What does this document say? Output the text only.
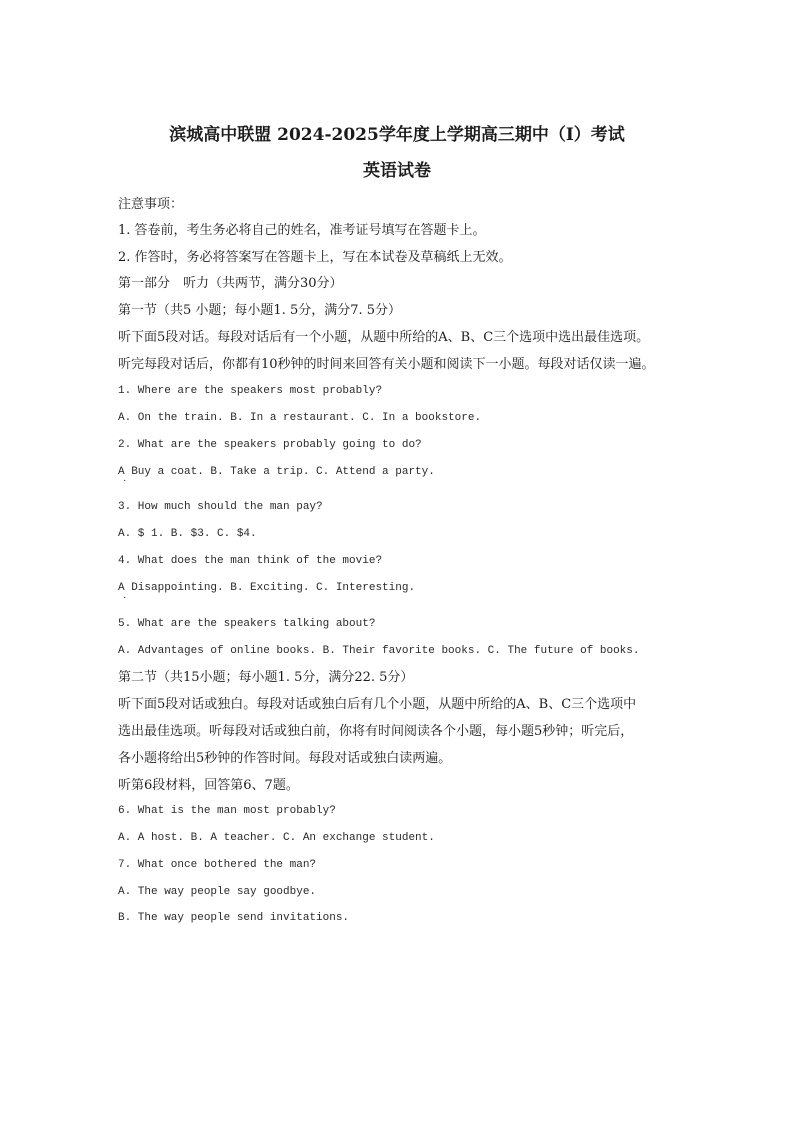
滨城高中联盟 2024-2025学年度上学期高三期中（I）考试
英语试卷
注意事项：
1. 答卷前，考生务必将自己的姓名，准考证号填写在答题卡上。
2. 作答时，务必将答案写在答题卡上，写在本试卷及草稿纸上无效。
第一部分　听力（共两节，满分30分）
第一节（共5 小题；每小题1. 5分，满分7. 5分）
听下面5段对话。每段对话后有一个小题，从题中所给的A、B、C三个选项中选出最佳选项。
听完每段对话后，你都有10秒钟的时间来回答有关小题和阅读下一小题。每段对话仅读一遍。
1. Where are the speakers most probably?
A. On the train. B. In a restaurant. C. In a bookstore.
2. What are the speakers probably going to do?
A Buy a coat. B. Take a trip. C. Attend a party.
·
3. How much should the man pay?
A. $ 1. B. $3. C. $4.
4. What does the man think of the movie?
A Disappointing. B. Exciting. C. Interesting.
·
5. What are the speakers talking about?
A. Advantages of online books. B. Their favorite books. C. The future of books.
第二节（共15小题；每小题1. 5分，满分22. 5分）
听下面5段对话或独白。每段对话或独白后有几个小题，从题中所给的A、B、C三个选项中
选出最佳选项。听每段对话或独白前，你将有时间阅读各个小题，每小题5秒钟；听完后，
各小题将给出5秒钟的作答时间。每段对话或独白读两遍。
听第6段材料，回答第6、7题。
6. What is the man most probably?
A. A host. B. A teacher. C. An exchange student.
7. What once bothered the man?
A. The way people say goodbye.
B. The way people send invitations.
